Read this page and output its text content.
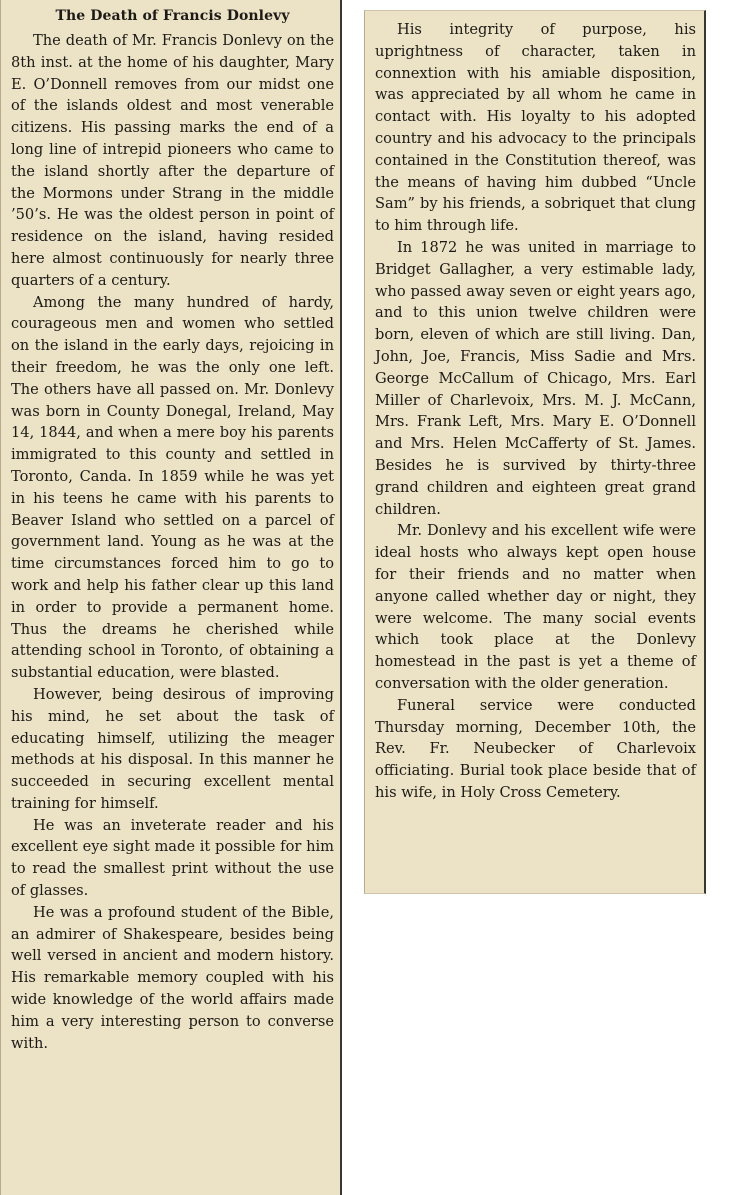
The Death of Francis Donlevy

The death of Mr. Francis Donlevy on the 8th inst. at the home of his daughter, Mary E. O’Donnell removes from our midst one of the islands oldest and most venerable citizens. His passing marks the end of a long line of intrepid pioneers who came to the island shortly after the departure of the Mormons under Strang in the middle ’50’s. He was the oldest person in point of residence on the island, having resided here almost continuously for nearly three quarters of a century.

Among the many hundred of hardy, courageous men and women who settled on the island in the early days, rejoicing in their freedom, he was the only one left. The others have all passed on. Mr. Donlevy was born in County Donegal, Ireland, May 14, 1844, and when a mere boy his parents immigrated to this county and settled in Toronto, Canda. In 1859 while he was yet in his teens he came with his parents to Beaver Island who settled on a parcel of government land. Young as he was at the time circumstances forced him to go to work and help his father clear up this land in order to provide a permanent home. Thus the dreams he cherished while attending school in Toronto, of obtaining a substantial education, were blasted.

However, being desirous of improving his mind, he set about the task of educating himself, utilizing the meager methods at his disposal. In this manner he succeeded in securing excellent mental training for himself.

He was an inveterate reader and his excellent eye sight made it possible for him to read the smallest print without the use of glasses.

He was a profound student of the Bible, an admirer of Shakespeare, besides being well versed in ancient and modern history. His remarkable memory coupled with his wide knowledge of the world affairs made him a very interesting person to converse with.

His integrity of purpose, his uprightness of character, taken in connextion with his amiable disposition, was appreciated by all whom he came in contact with. His loyalty to his adopted country and his advocacy to the principals contained in the Constitution thereof, was the means of having him dubbed “Uncle Sam” by his friends, a sobriquet that clung to him through life.

In 1872 he was united in marriage to Bridget Gallagher, a very estimable lady, who passed away seven or eight years ago, and to this union twelve children were born, eleven of which are still living. Dan, John, Joe, Francis, Miss Sadie and Mrs. George McCallum of Chicago, Mrs. Earl Miller of Charlevoix, Mrs. M. J. McCann, Mrs. Frank Left, Mrs. Mary E. O’Donnell and Mrs. Helen McCafferty of St. James. Besides he is survived by thirty-three grand children and eighteen great grand children.

Mr. Donlevy and his excellent wife were ideal hosts who always kept open house for their friends and no matter when anyone called whether day or night, they were welcome. The many social events which took place at the Donlevy homestead in the past is yet a theme of conversation with the older generation.

Funeral service were conducted Thursday morning, December 10th, the Rev. Fr. Neubecker of Charlevoix officiating. Burial took place beside that of his wife, in Holy Cross Cemetery.
